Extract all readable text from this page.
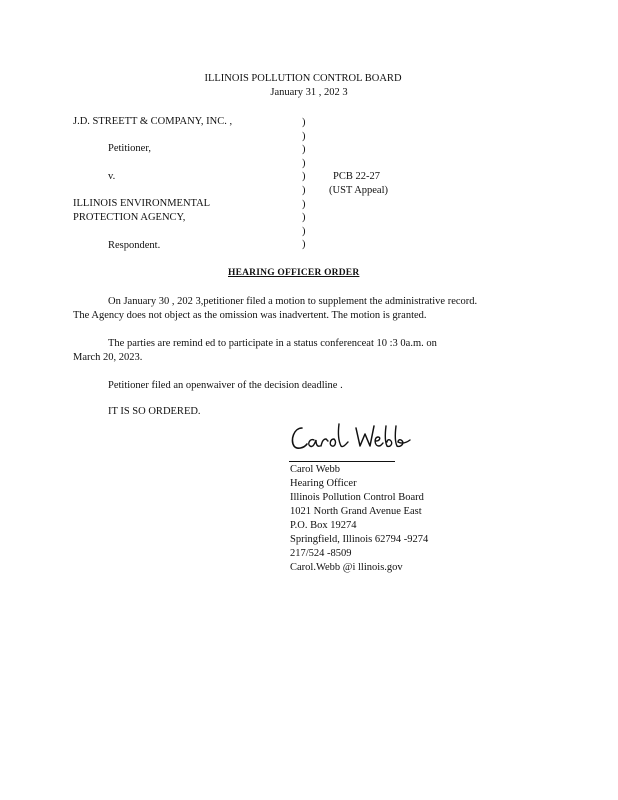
ILLINOIS POLLUTION CONTROL BOARD
January 31 , 202 3
J.D. STREETT & COMPANY, INC. ,
Petitioner,
v.
ILLINOIS ENVIRONMENTAL
PROTECTION AGENCY,
Respondent.
)
)
)
)
)
)
)
)
)
)
PCB 22-27
(UST Appeal)
HEARING OFFICER ORDER
On January 30 , 202 3,petitioner filed a motion to supplement the administrative record.
The Agency does not object as the omission was inadvertent. The motion is granted.
The parties are remind ed to participate in a status conferenceat 10 :3 0a.m. on
March 20, 2023.
Petitioner filed an openwaiver of the decision deadline .
IT IS SO ORDERED.
Carol Webb
Hearing Officer
Illinois Pollution Control Board
1021 North Grand Avenue East
P.O. Box 19274
Springfield, Illinois 62794 -9274
217/524 -8509
Carol.Webb @i llinois.gov
